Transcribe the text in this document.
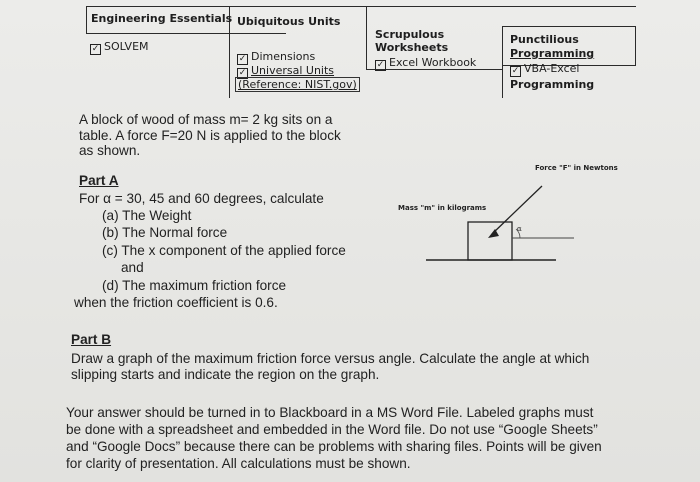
Engineering Essentials
✓ SOLVEM
Ubiquitous Units
✓ Dimensions
✓ Universal Units
(Reference: NIST.gov)
Scrupulous
Worksheets
✓ Excel Workbook
Punctilious
Programming
✓ VBA-Excel
Programming
A block of wood of mass m= 2 kg sits on a
table. A force F=20 N is applied to the block
as shown.
Part A
For α = 30, 45 and 60 degrees, calculate
(a) The Weight
(b) The Normal force
(c) The x component of the applied force
and
(d) The maximum friction force
when the friction coefficient is 0.6.
Force "F" in Newtons
Mass "m" in kilograms
α
Part B
Draw a graph of the maximum friction force versus angle. Calculate the angle at which
slipping starts and indicate the region on the graph.
Your answer should be turned in to Blackboard in a MS Word File. Labeled graphs must
be done with a spreadsheet and embedded in the Word file. Do not use “Google Sheets”
and “Google Docs” because there can be problems with sharing files. Points will be given
for clarity of presentation. All calculations must be shown.
